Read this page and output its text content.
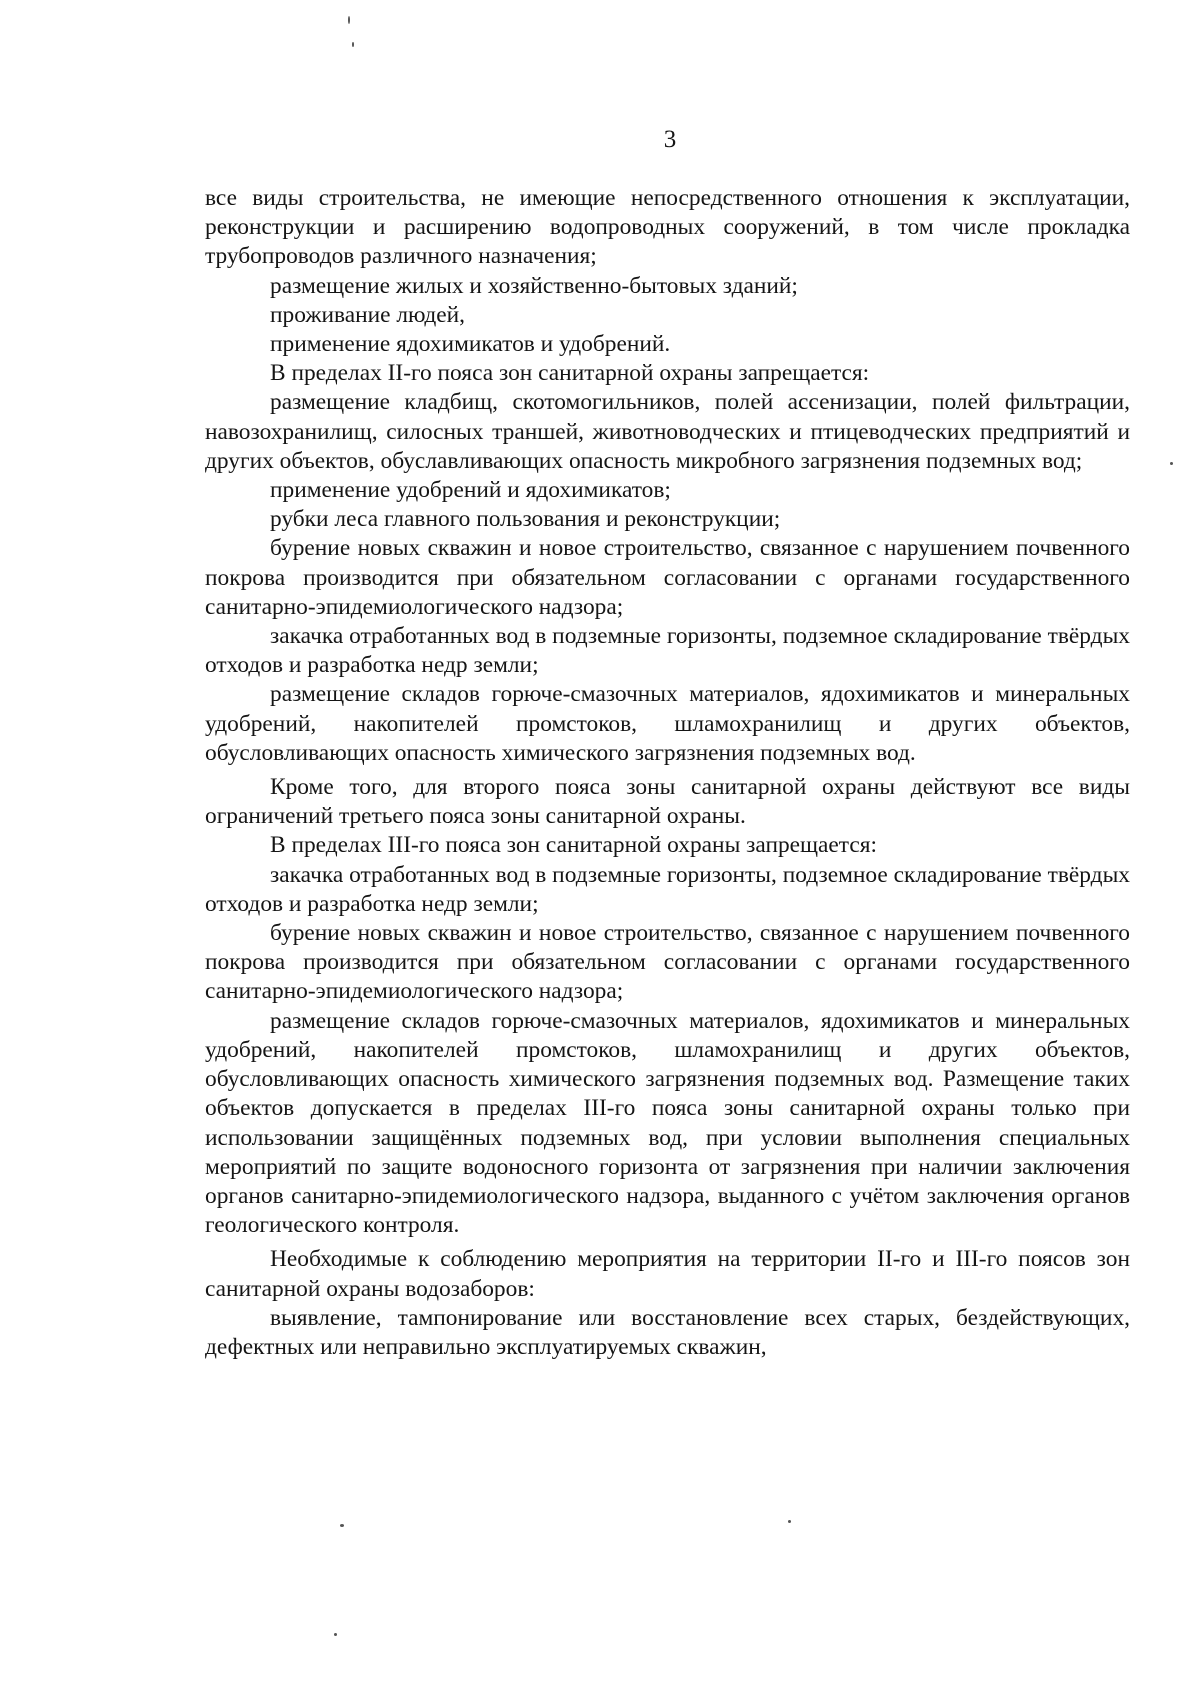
3

все виды строительства, не имеющие непосредственного отношения к эксплуатации, реконструкции и расширению водопроводных сооружений, в том числе прокладка трубопроводов различного назначения;

размещение жилых и хозяйственно-бытовых зданий;

проживание людей,

применение ядохимикатов и удобрений.

В пределах II-го пояса зон санитарной охраны запрещается:

размещение кладбищ, скотомогильников, полей ассенизации, полей фильтрации, навозохранилищ, силосных траншей, животноводческих и птицеводческих предприятий и других объектов, обуславливающих опасность микробного загрязнения подземных вод;

применение удобрений и ядохимикатов;

рубки леса главного пользования и реконструкции;

бурение новых скважин и новое строительство, связанное с нарушением почвенного покрова производится при обязательном согласовании с органами государственного санитарно-эпидемиологического надзора;

закачка отработанных вод в подземные горизонты, подземное складирование твёрдых отходов и разработка недр земли;

размещение складов горюче-смазочных материалов, ядохимикатов и минеральных удобрений, накопителей промстоков, шламохранилищ и других объектов, обусловливающих опасность химического загрязнения подземных вод.

Кроме того, для второго пояса зоны санитарной охраны действуют все виды ограничений третьего пояса зоны санитарной охраны.

В пределах III-го пояса зон санитарной охраны запрещается:

закачка отработанных вод в подземные горизонты, подземное складирование твёрдых отходов и разработка недр земли;

бурение новых скважин и новое строительство, связанное с нарушением почвенного покрова производится при обязательном согласовании с органами государственного санитарно-эпидемиологического надзора;

размещение складов горюче-смазочных материалов, ядохимикатов и минеральных удобрений, накопителей промстоков, шламохранилищ и других объектов, обусловливающих опасность химического загрязнения подземных вод. Размещение таких объектов допускается в пределах III-го пояса зоны санитарной охраны только при использовании защищённых подземных вод, при условии выполнения специальных мероприятий по защите водоносного горизонта от загрязнения при наличии заключения органов санитарно-эпидемиологического надзора, выданного с учётом заключения органов геологического контроля.

Необходимые к соблюдению мероприятия на территории II-го и III-го поясов зон санитарной охраны водозаборов:

выявление, тампонирование или восстановление всех старых, бездействующих, дефектных или неправильно эксплуатируемых скважин,
